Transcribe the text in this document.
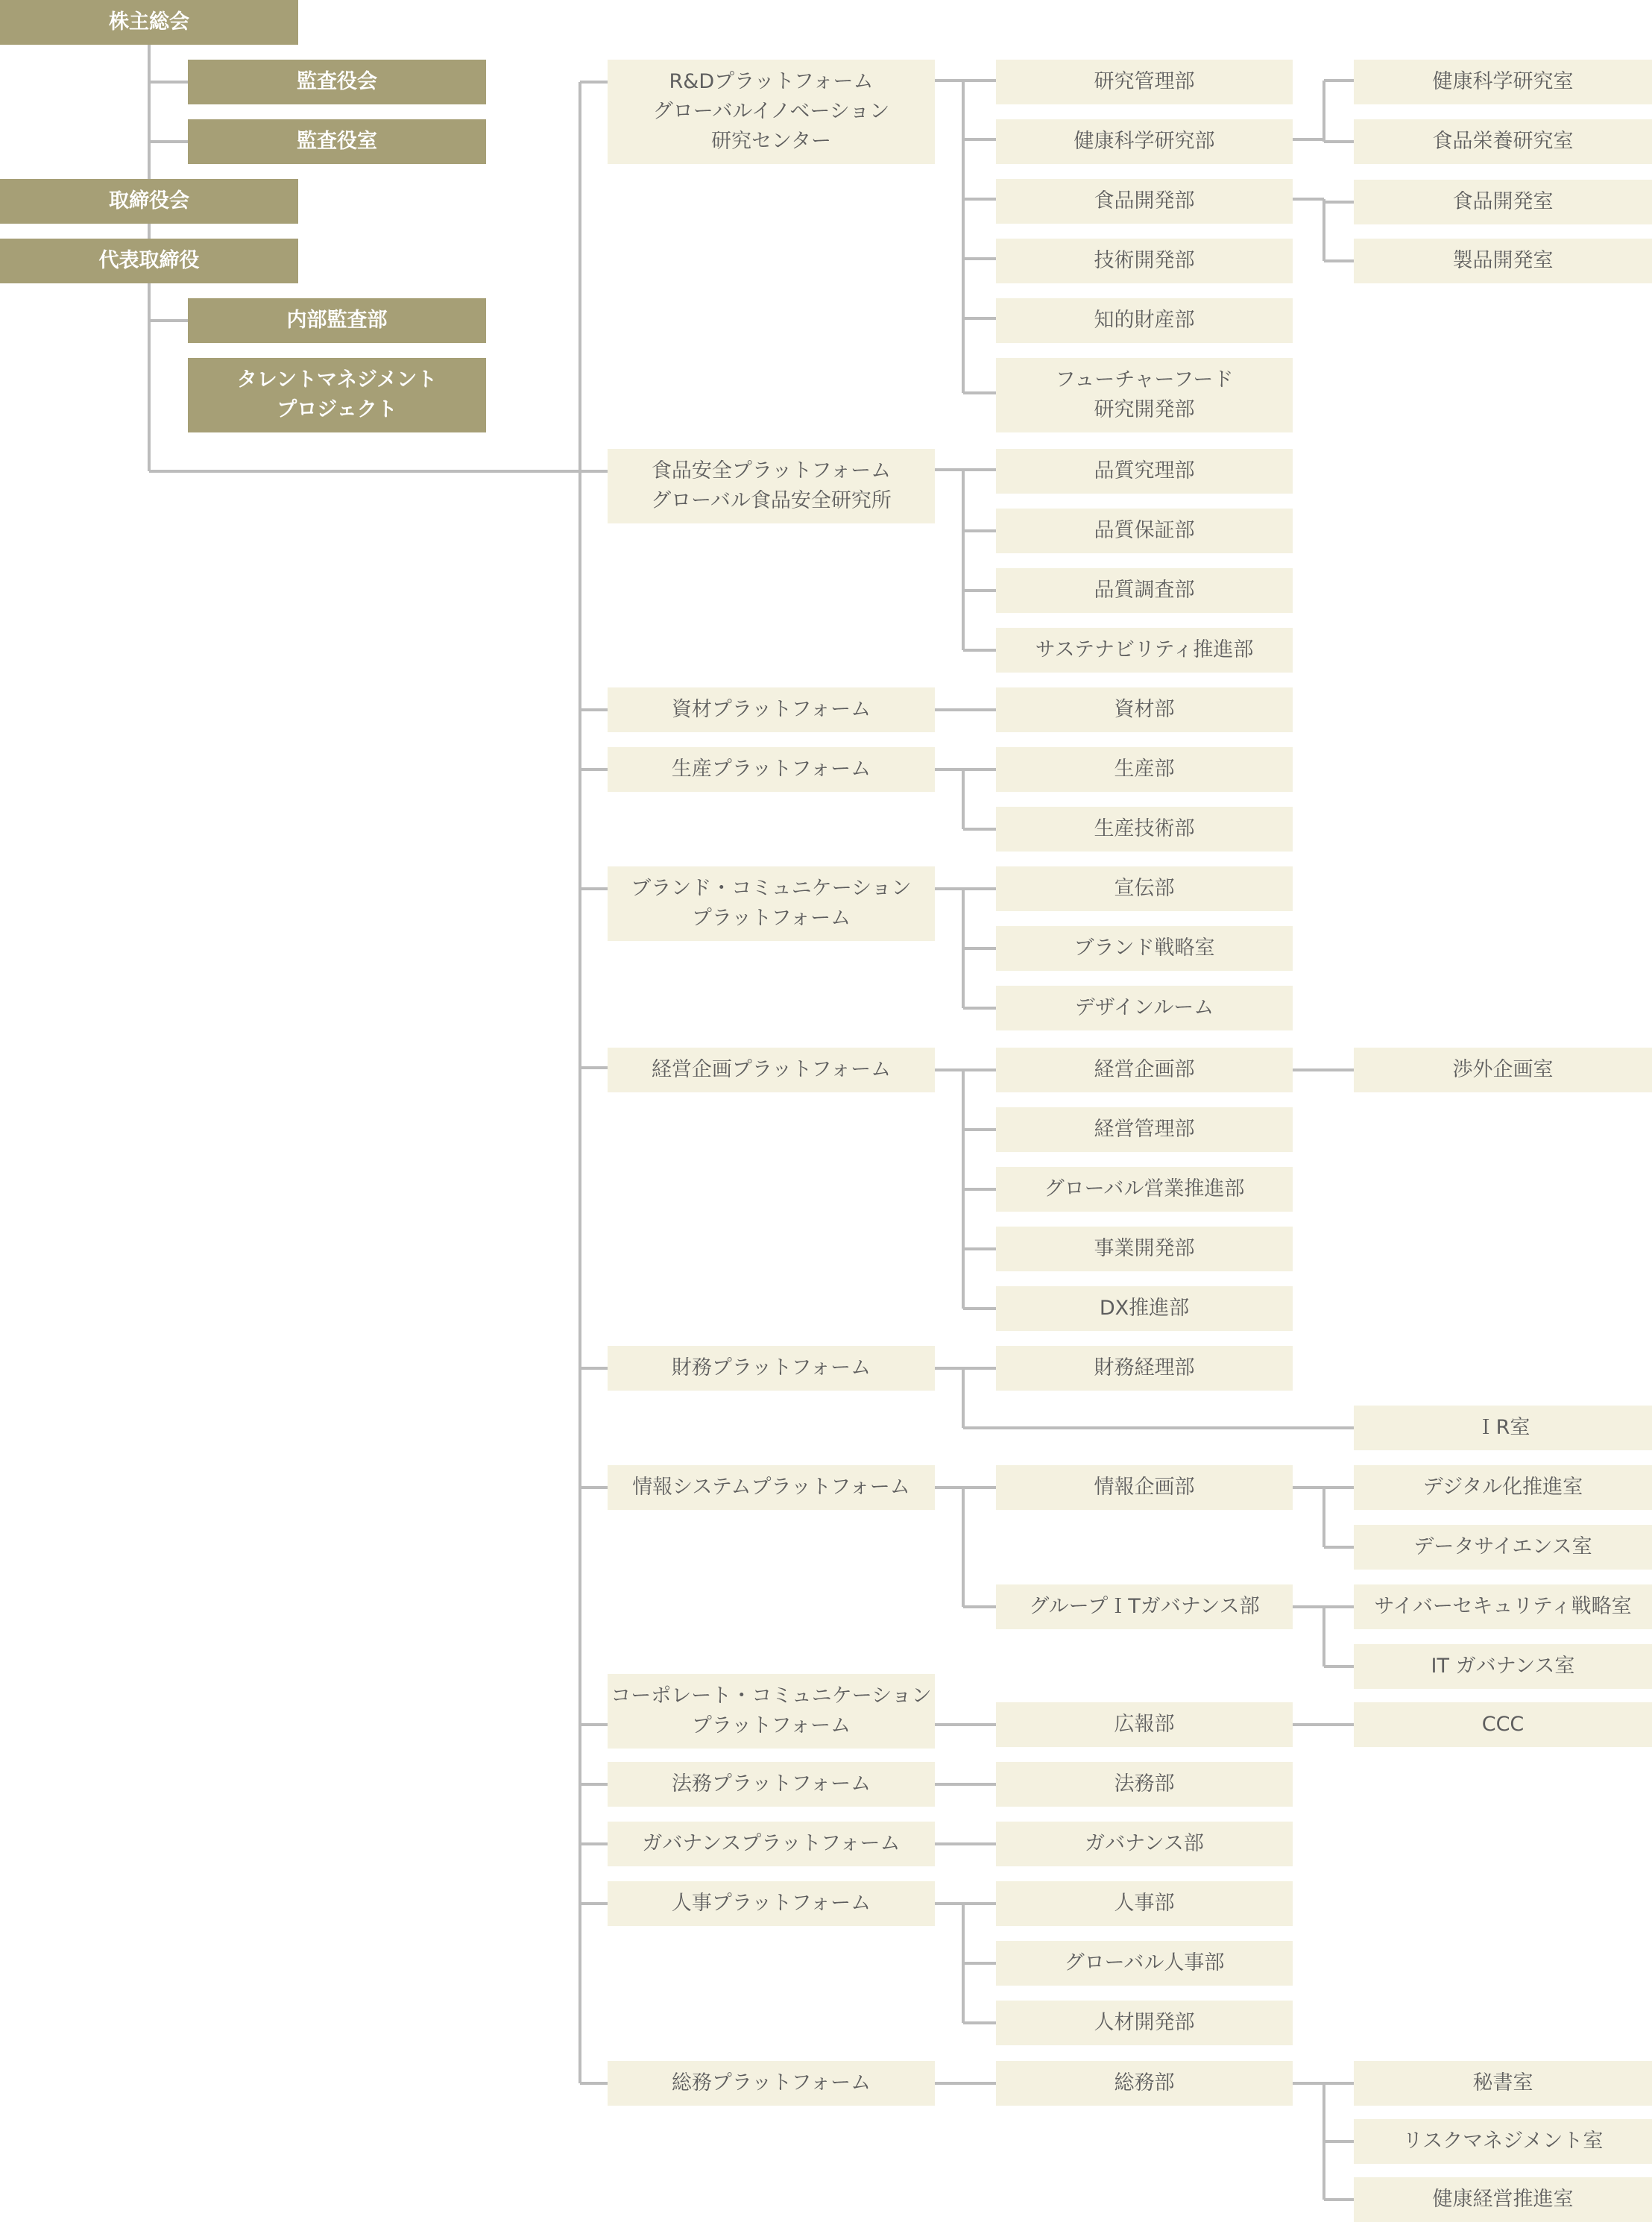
株主総会
監査役会
監査役室
取締役会
代表取締役
内部監査部
タレントマネジメント
プロジェクト
R&Dプラットフォーム
グローバルイノベーション
研究センター
食品安全プラットフォーム
グローバル食品安全研究所
資材プラットフォーム
生産プラットフォーム
ブランド・コミュニケーション
プラットフォーム
経営企画プラットフォーム
財務プラットフォーム
情報システムプラットフォーム
コーポレート・コミュニケーション
プラットフォーム
法務プラットフォーム
ガバナンスプラットフォーム
人事プラットフォーム
総務プラットフォーム
研究管理部
健康科学研究部
食品開発部
技術開発部
知的財産部
フューチャーフード
研究開発部
品質究理部
品質保証部
品質調査部
サステナビリティ推進部
資材部
生産部
生産技術部
宣伝部
ブランド戦略室
デザインルーム
経営企画部
経営管理部
グローバル営業推進部
事業開発部
DX推進部
財務経理部
情報企画部
グループＩTガバナンス部
広報部
法務部
ガバナンス部
人事部
グローバル人事部
人材開発部
総務部
健康科学研究室
食品栄養研究室
食品開発室
製品開発室
渉外企画室
ＩR室
デジタル化推進室
データサイエンス室
サイバーセキュリティ戦略室
IT ガバナンス室
CCC
秘書室
リスクマネジメント室
健康経営推進室
